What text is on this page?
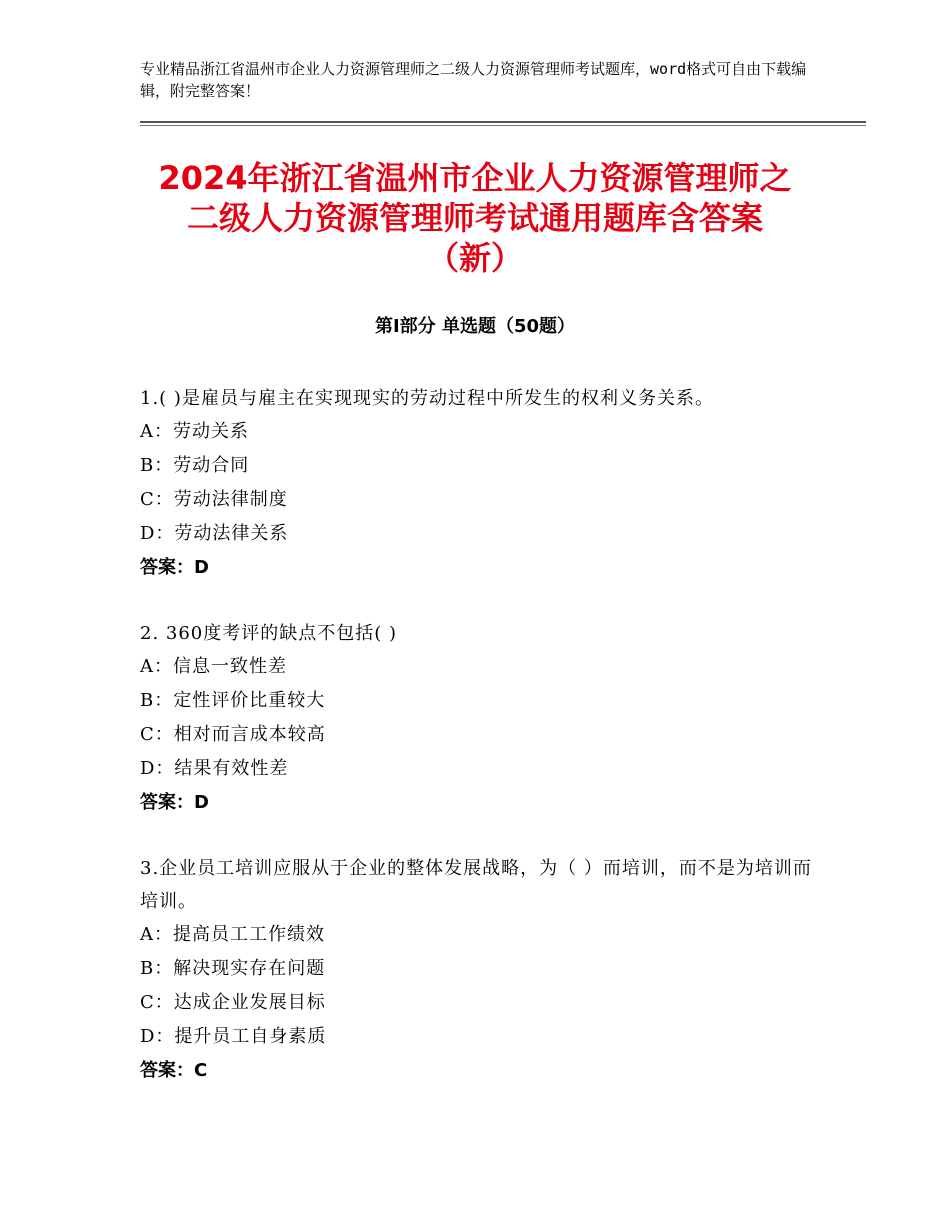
专业精品浙江省温州市企业人力资源管理师之二级人力资源管理师考试题库，word格式可自由下载编辑，附完整答案！
2024年浙江省温州市企业人力资源管理师之
二级人力资源管理师考试通用题库含答案
（新）
第Ⅰ部分 单选题（50题）
1.( )是雇员与雇主在实现现实的劳动过程中所发生的权利义务关系。
A：劳动关系
B：劳动合同
C：劳动法律制度
D：劳动法律关系
答案：D
2. 360度考评的缺点不包括( )
A：信息一致性差
B：定性评价比重较大
C：相对而言成本较高
D：结果有效性差
答案：D
3.企业员工培训应服从于企业的整体发展战略，为（ ）而培训，而不是为培训而培训。
A：提高员工工作绩效
B：解决现实存在问题
C：达成企业发展目标
D：提升员工自身素质
答案：C
